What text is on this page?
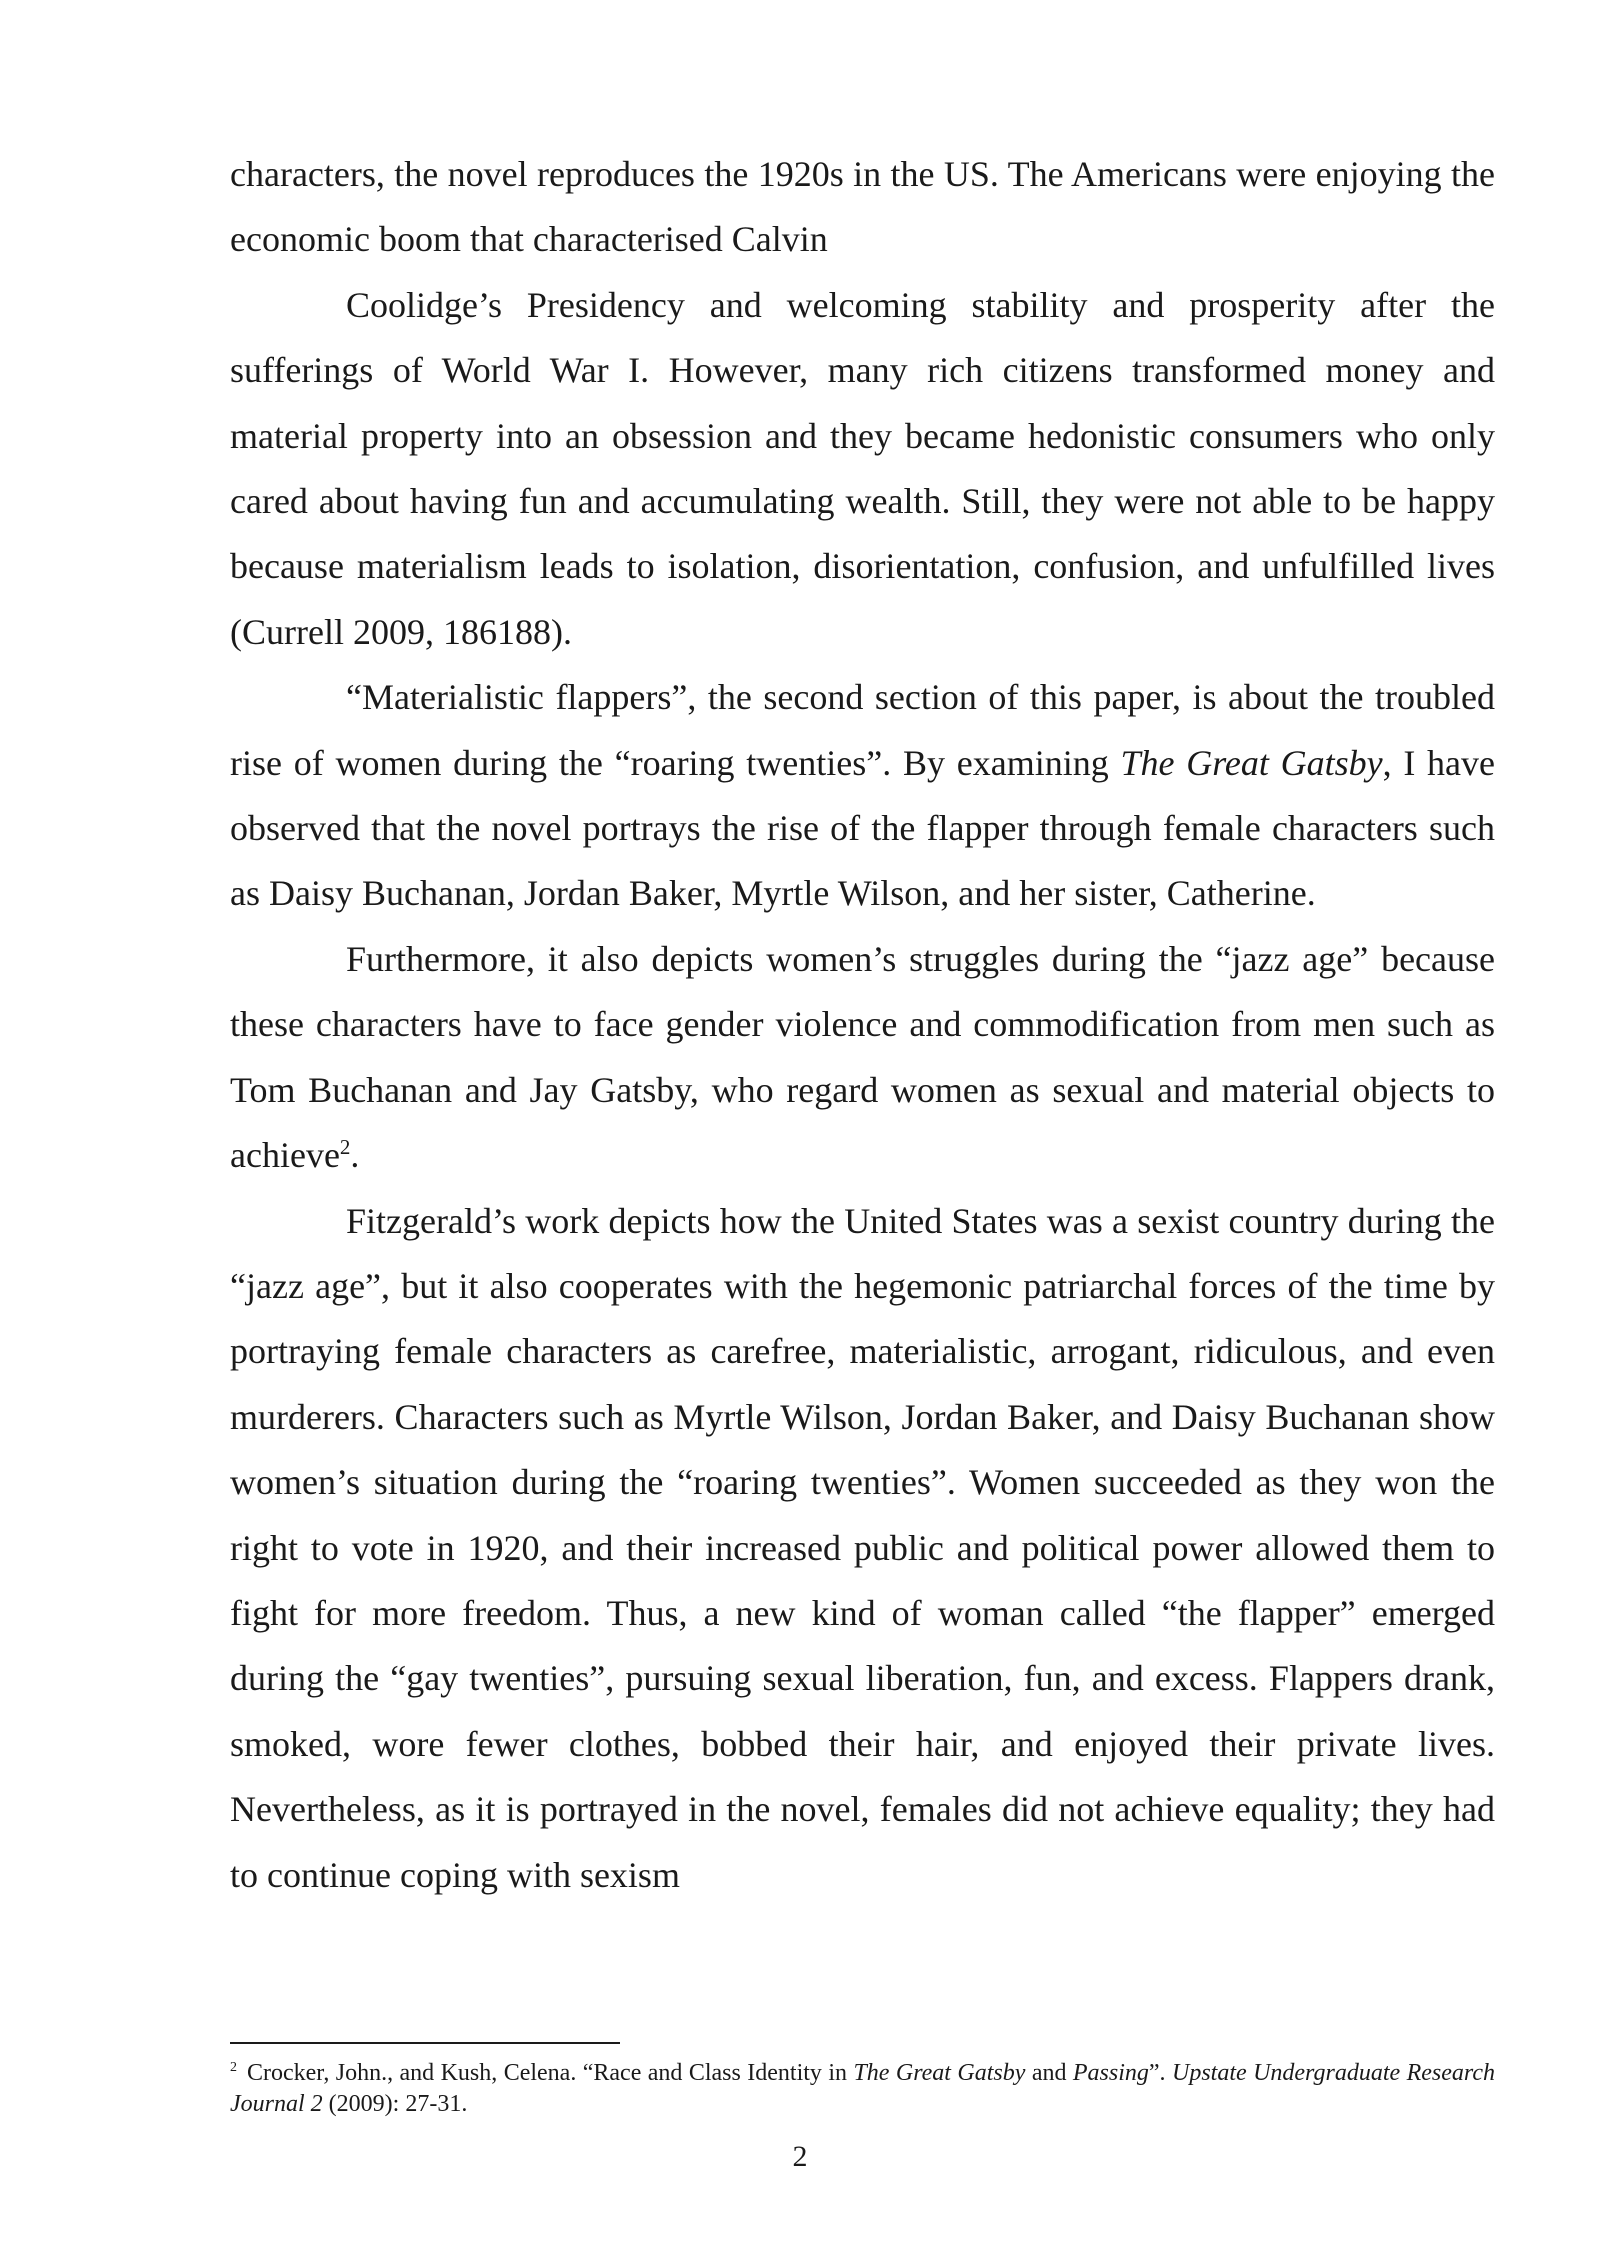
characters, the novel reproduces the 1920s in the US. The Americans were enjoying the economic boom that characterised Calvin

Coolidge’s Presidency and welcoming stability and prosperity after the sufferings of World War I. However, many rich citizens transformed money and material property into an obsession and they became hedonistic consumers who only cared about having fun and accumulating wealth. Still, they were not able to be happy because materialism leads to isolation, disorientation, confusion, and unfulfilled lives (Currell 2009, 186188).

“Materialistic flappers”, the second section of this paper, is about the troubled rise of women during the “roaring twenties”. By examining The Great Gatsby, I have observed that the novel portrays the rise of the flapper through female characters such as Daisy Buchanan, Jordan Baker, Myrtle Wilson, and her sister, Catherine.

Furthermore, it also depicts women’s struggles during the “jazz age” because these characters have to face gender violence and commodification from men such as Tom Buchanan and Jay Gatsby, who regard women as sexual and material objects to achieve$^2$.

Fitzgerald’s work depicts how the United States was a sexist country during the “jazz age”, but it also cooperates with the hegemonic patriarchal forces of the time by portraying female characters as carefree, materialistic, arrogant, ridiculous, and even murderers. Characters such as Myrtle Wilson, Jordan Baker, and Daisy Buchanan show women’s situation during the “roaring twenties”. Women succeeded as they won the right to vote in 1920, and their increased public and political power allowed them to fight for more freedom. Thus, a new kind of woman called “the flapper” emerged during the “gay twenties”, pursuing sexual liberation, fun, and excess. Flappers drank, smoked, wore fewer clothes, bobbed their hair, and enjoyed their private lives. Nevertheless, as it is portrayed in the novel, females did not achieve equality; they had to continue coping with sexism

$^2$ Crocker, John., and Kush, Celena. “Race and Class Identity in The Great Gatsby and Passing”. Upstate Undergraduate Research Journal 2 (2009): 27-31.
2
